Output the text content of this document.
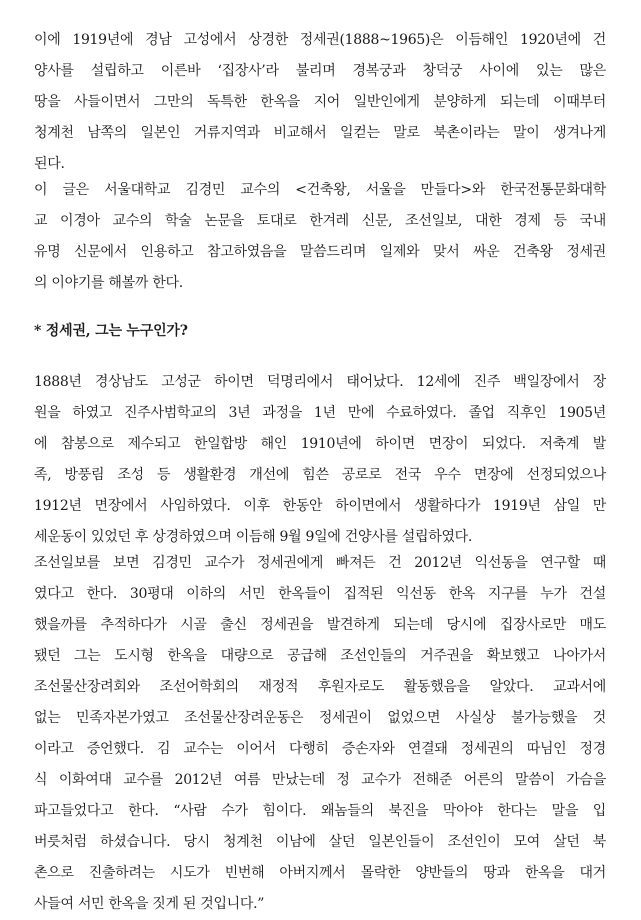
이에 1919년에 경남 고성에서 상경한 정세권(1888~1965)은 이듬해인 1920년에 건
양사를 설립하고 이른바 ‘집장사’라 불리며 경복궁과 창덕궁 사이에 있는 많은
땅을 사들이면서 그만의 독특한 한옥을 지어 일반인에게 분양하게 되는데 이때부터
청계천 남쪽의 일본인 거류지역과 비교해서 일컫는 말로 북촌이라는 말이 생겨나게
된다.
이 글은 서울대학교 김경민 교수의 <건축왕, 서울을 만들다>와 한국전통문화대학
교 이경아 교수의 학술 논문을 토대로 한겨레 신문, 조선일보, 대한 경제 등 국내
유명 신문에서 인용하고 참고하였음을 말씀드리며 일제와 맞서 싸운 건축왕 정세권
의 이야기를 해볼까 한다.
* 정세권, 그는 누구인가?
1888년 경상남도 고성군 하이면 덕명리에서 태어났다. 12세에 진주 백일장에서 장
원을 하였고 진주사범학교의 3년 과정을 1년 만에 수료하였다. 졸업 직후인 1905년
에 참봉으로 제수되고 한일합방 해인 1910년에 하이면 면장이 되었다. 저축계 발
족, 방풍림 조성 등 생활환경 개선에 힘쓴 공로로 전국 우수 면장에 선정되었으나
1912년 면장에서 사임하였다. 이후 한동안 하이면에서 생활하다가 1919년 삼일 만
세운동이 있었던 후 상경하였으며 이듬해 9월 9일에 건양사를 설립하였다.
조선일보를 보면 김경민 교수가 정세권에게 빠져든 건 2012년 익선동을 연구할 때
였다고 한다. 30평대 이하의 서민 한옥들이 집적된 익선동 한옥 지구를 누가 건설
했을까를 추적하다가 시골 출신 정세권을 발견하게 되는데 당시에 집장사로만 매도
됐던 그는 도시형 한옥을 대량으로 공급해 조선인들의 거주권을 확보했고 나아가서
조선물산장려회와 조선어학회의 재정적 후원자로도 활동했음을 알았다. 교과서에
없는 민족자본가였고 조선물산장려운동은 정세권이 없었으면 사실상 불가능했을 것
이라고 증언했다. 김 교수는 이어서 다행히 증손자와 연결돼 정세권의 따님인 정경
식 이화여대 교수를 2012년 여름 만났는데 정 교수가 전해준 어른의 말씀이 가슴을
파고들었다고 한다. “사람 수가 힘이다. 왜놈들의 북진을 막아야 한다는 말을 입
버릇처럼 하셨습니다. 당시 청계천 이남에 살던 일본인들이 조선인이 모여 살던 북
촌으로 진출하려는 시도가 빈번해 아버지께서 몰락한 양반들의 땅과 한옥을 대거
사들여 서민 한옥을 짓게 된 것입니다.”
